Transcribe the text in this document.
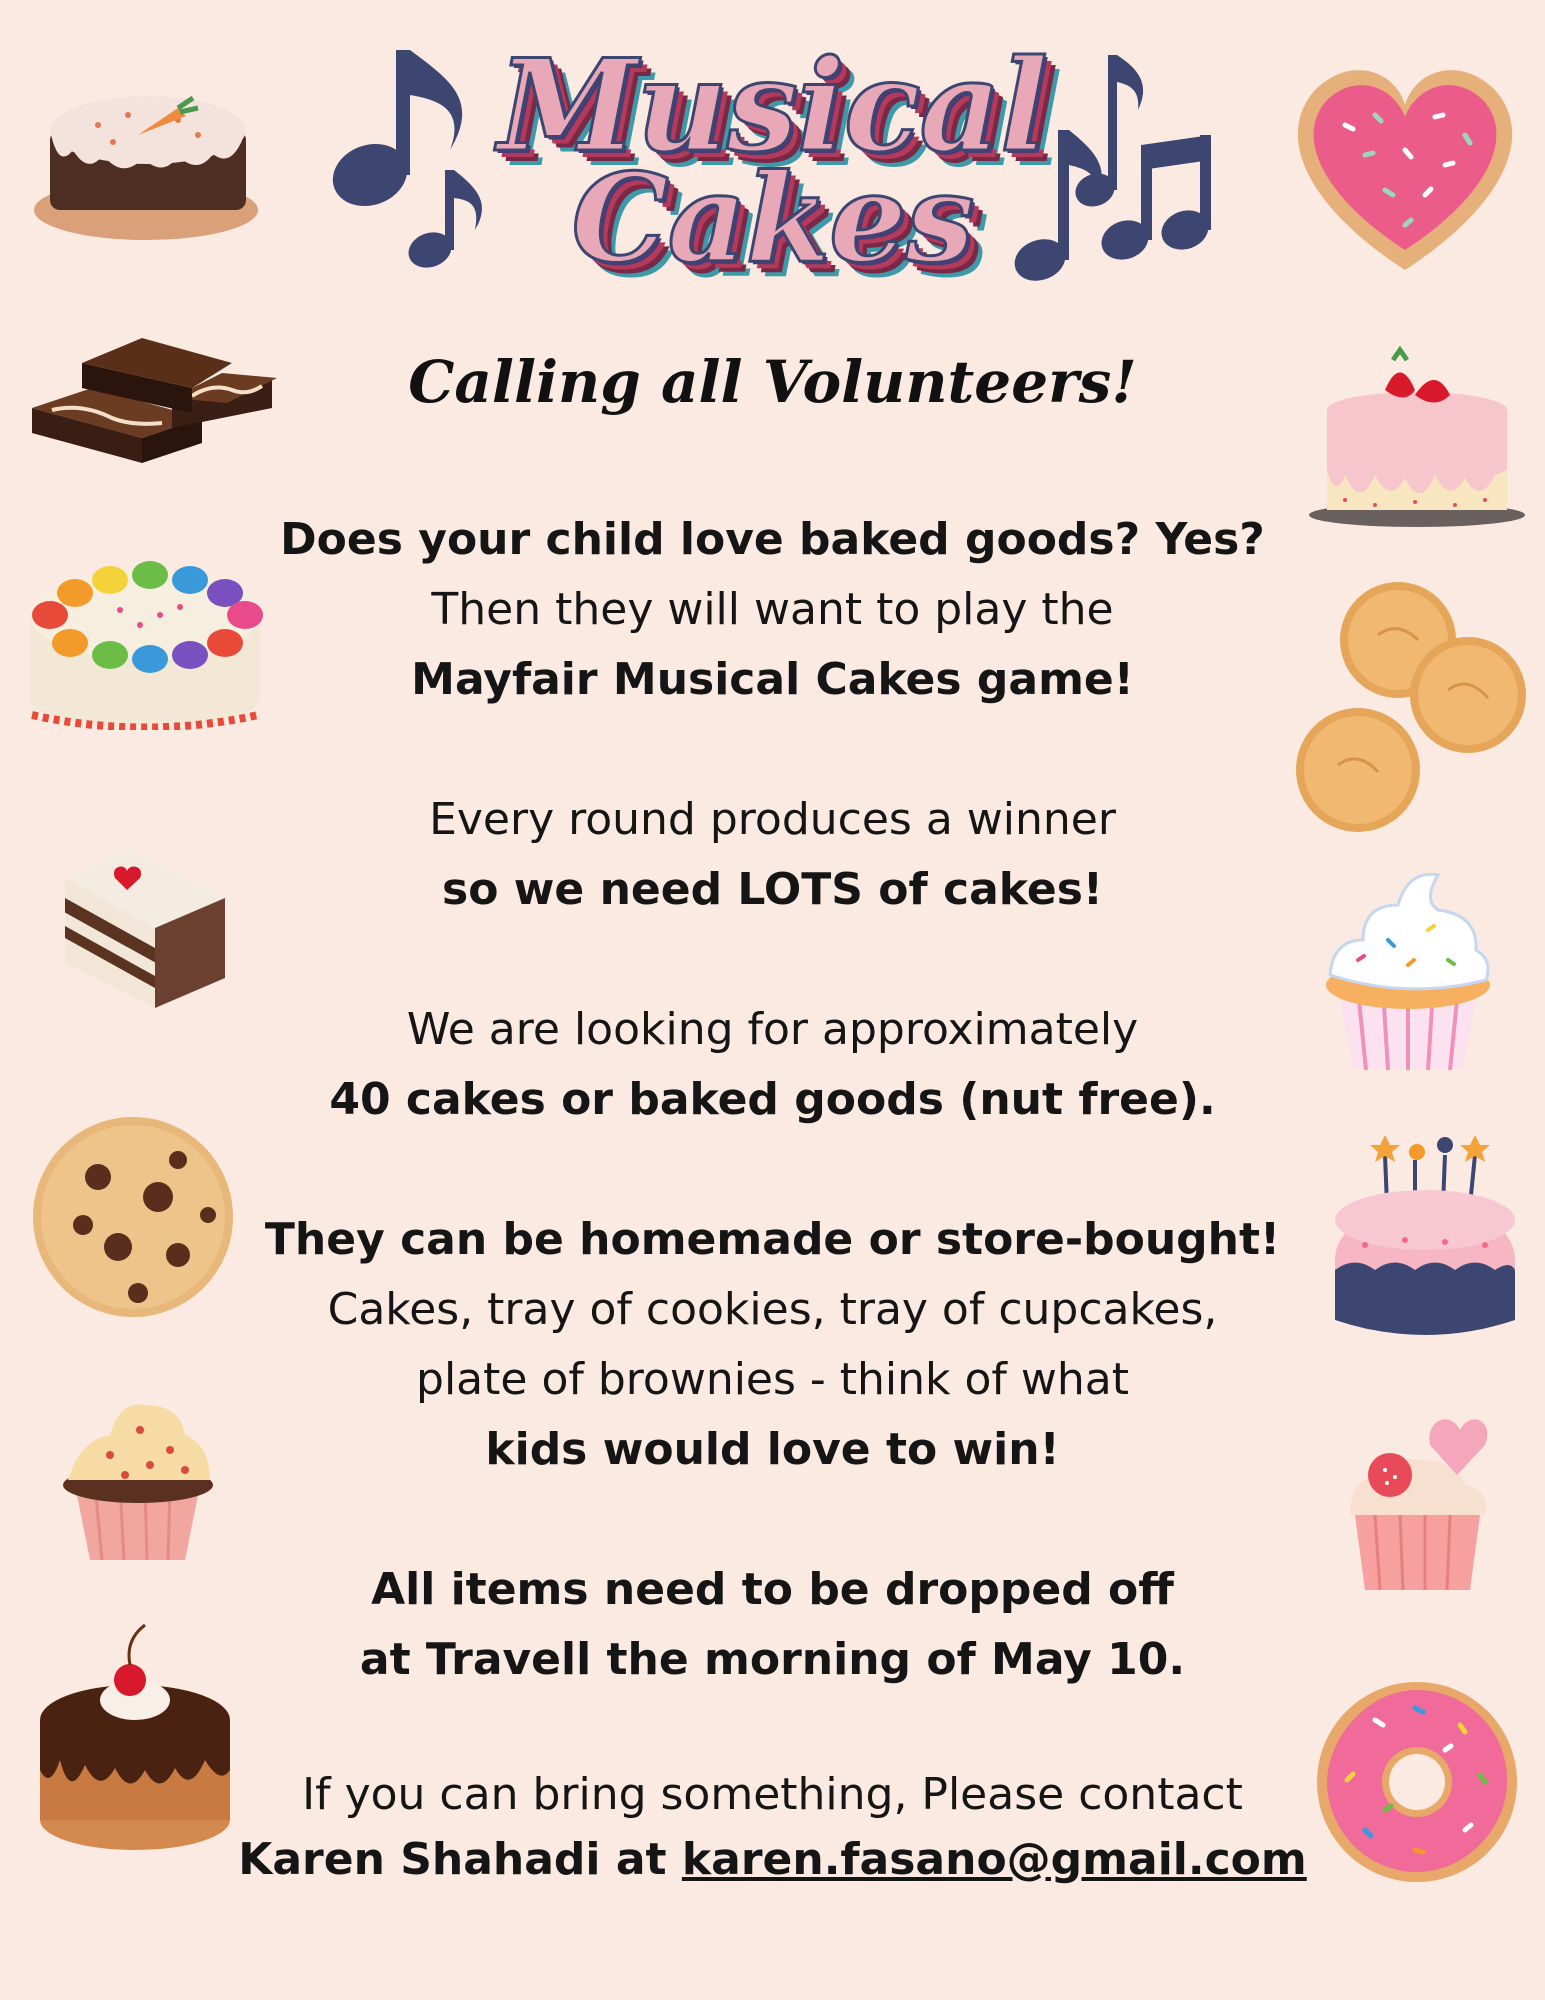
Musical
Cakes
Calling all Volunteers!
Does your child love baked goods? Yes?
Then they will want to play the
Mayfair Musical Cakes game!
Every round produces a winner
so we need LOTS of cakes!
We are looking for approximately
40 cakes or baked goods (nut free).
They can be homemade or store-bought!
Cakes, tray of cookies, tray of cupcakes,
plate of brownies - think of what
kids would love to win!
All items need to be dropped off
at Travell the morning of May 10.
If you can bring something, Please contact
Karen Shahadi at karen.fasano@gmail.com
